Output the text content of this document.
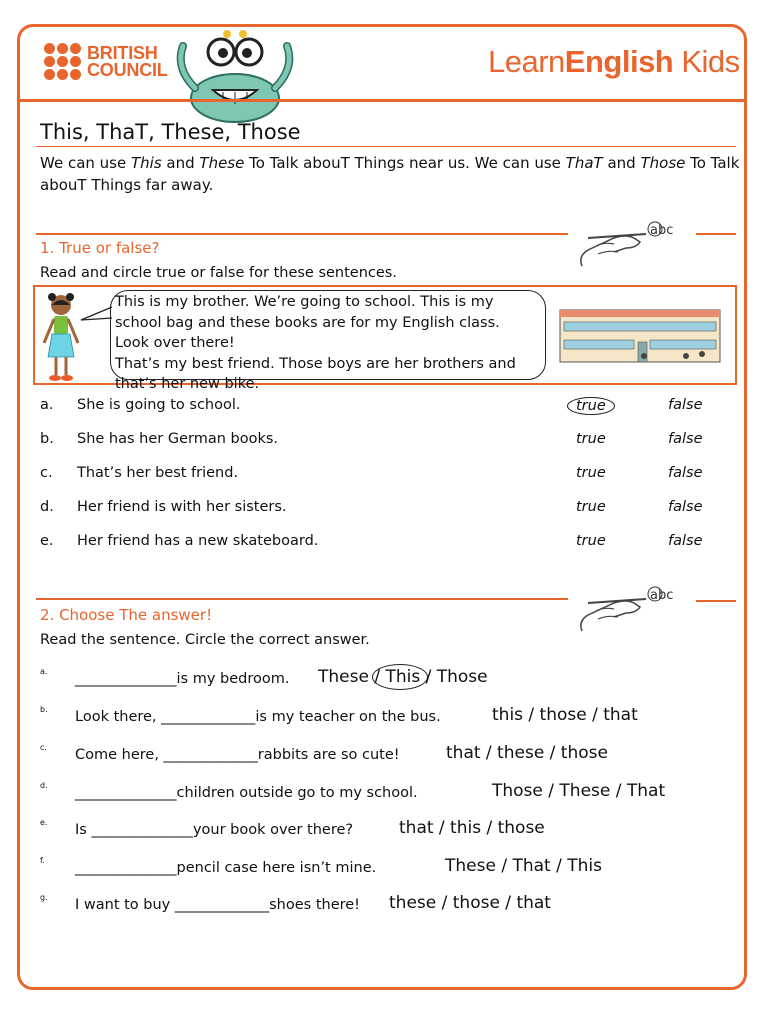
BRITISH
COUNCIL	LearnEnglish Kids
This, ThaT, These, Those
We can use This and These To Talk abouT Things near us. We can use ThaT and Those To Talk abouT Things far away.
abc
1. True or false?
Read and circle true or false for these sentences.
This is my brother. We’re going to school. This is my
school bag and these books are for my English class.
Look over there!
That’s my best friend. Those boys are her brothers and
that’s her new bike.
a. She is going to school.	true	false
b. She has her German books.	true	false
c. That’s her best friend.	true	false
d. Her friend is with her sisters.	true	false
e. Her friend has a new skateboard.	true	false
abc
2. Choose The answer!
Read the sentence. Circle the correct answer.
a. ______________is my bedroom. These / This / Those
b. Look there, _____________is my teacher on the bus.	this / those / that
c. Come here, _____________rabbits are so cute!	that / these / those
d. ______________children outside go to my school.	Those / These / That
e. Is ______________your book over there?	that / this / those
f. ______________pencil case here isn’t mine.	These / That / This
g. I want to buy _____________shoes there! these / those / that
